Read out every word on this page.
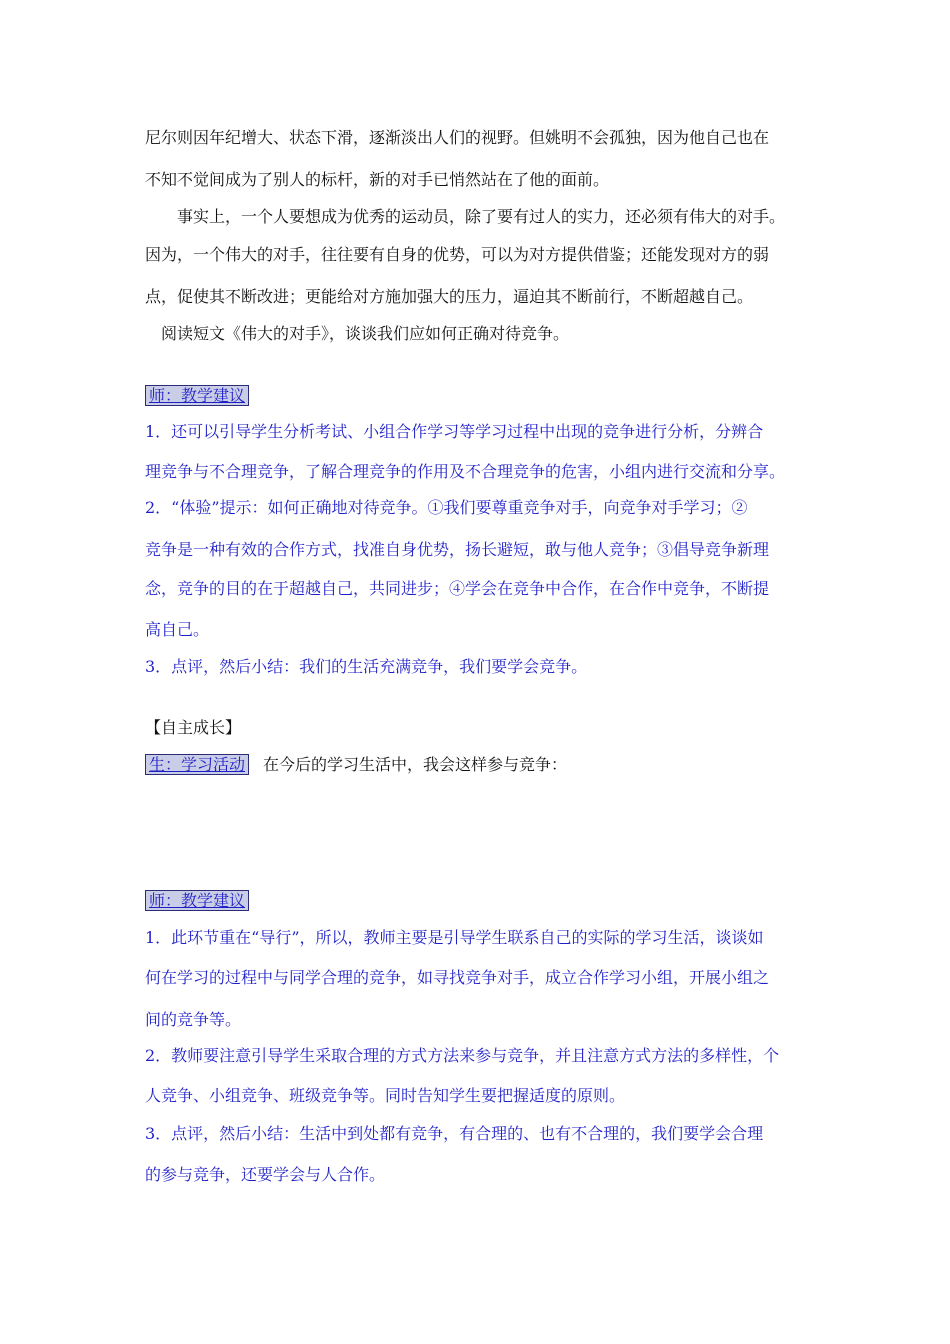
尼尔则因年纪增大、状态下滑，逐渐淡出人们的视野。但姚明不会孤独，因为他自己也在
不知不觉间成为了别人的标杆，新的对手已悄然站在了他的面前。
　　事实上，一个人要想成为优秀的运动员，除了要有过人的实力，还必须有伟大的对手。
因为，一个伟大的对手，往往要有自身的优势，可以为对方提供借鉴；还能发现对方的弱
点，促使其不断改进；更能给对方施加强大的压力，逼迫其不断前行，不断超越自己。
　阅读短文《伟大的对手》，谈谈我们应如何正确对待竞争。
师：教学建议
1．还可以引导学生分析考试、小组合作学习等学习过程中出现的竞争进行分析，分辨合
理竞争与不合理竞争，了解合理竞争的作用及不合理竞争的危害，小组内进行交流和分享。
2．“体验”提示：如何正确地对待竞争。①我们要尊重竞争对手，向竞争对手学习；②
竞争是一种有效的合作方式，找准自身优势，扬长避短，敢与他人竞争；③倡导竞争新理
念，竞争的目的在于超越自己，共同进步；④学会在竞争中合作，在合作中竞争，不断提
高自己。
3．点评，然后小结：我们的生活充满竞争，我们要学会竞争。
【自主成长】
生：学习活动 在今后的学习生活中，我会这样参与竞争：
师：教学建议
1．此环节重在“导行”，所以，教师主要是引导学生联系自己的实际的学习生活，谈谈如
何在学习的过程中与同学合理的竞争，如寻找竞争对手，成立合作学习小组，开展小组之
间的竞争等。
2．教师要注意引导学生采取合理的方式方法来参与竞争，并且注意方式方法的多样性，个
人竞争、小组竞争、班级竞争等。同时告知学生要把握适度的原则。
3．点评，然后小结：生活中到处都有竞争，有合理的、也有不合理的，我们要学会合理
的参与竞争，还要学会与人合作。
